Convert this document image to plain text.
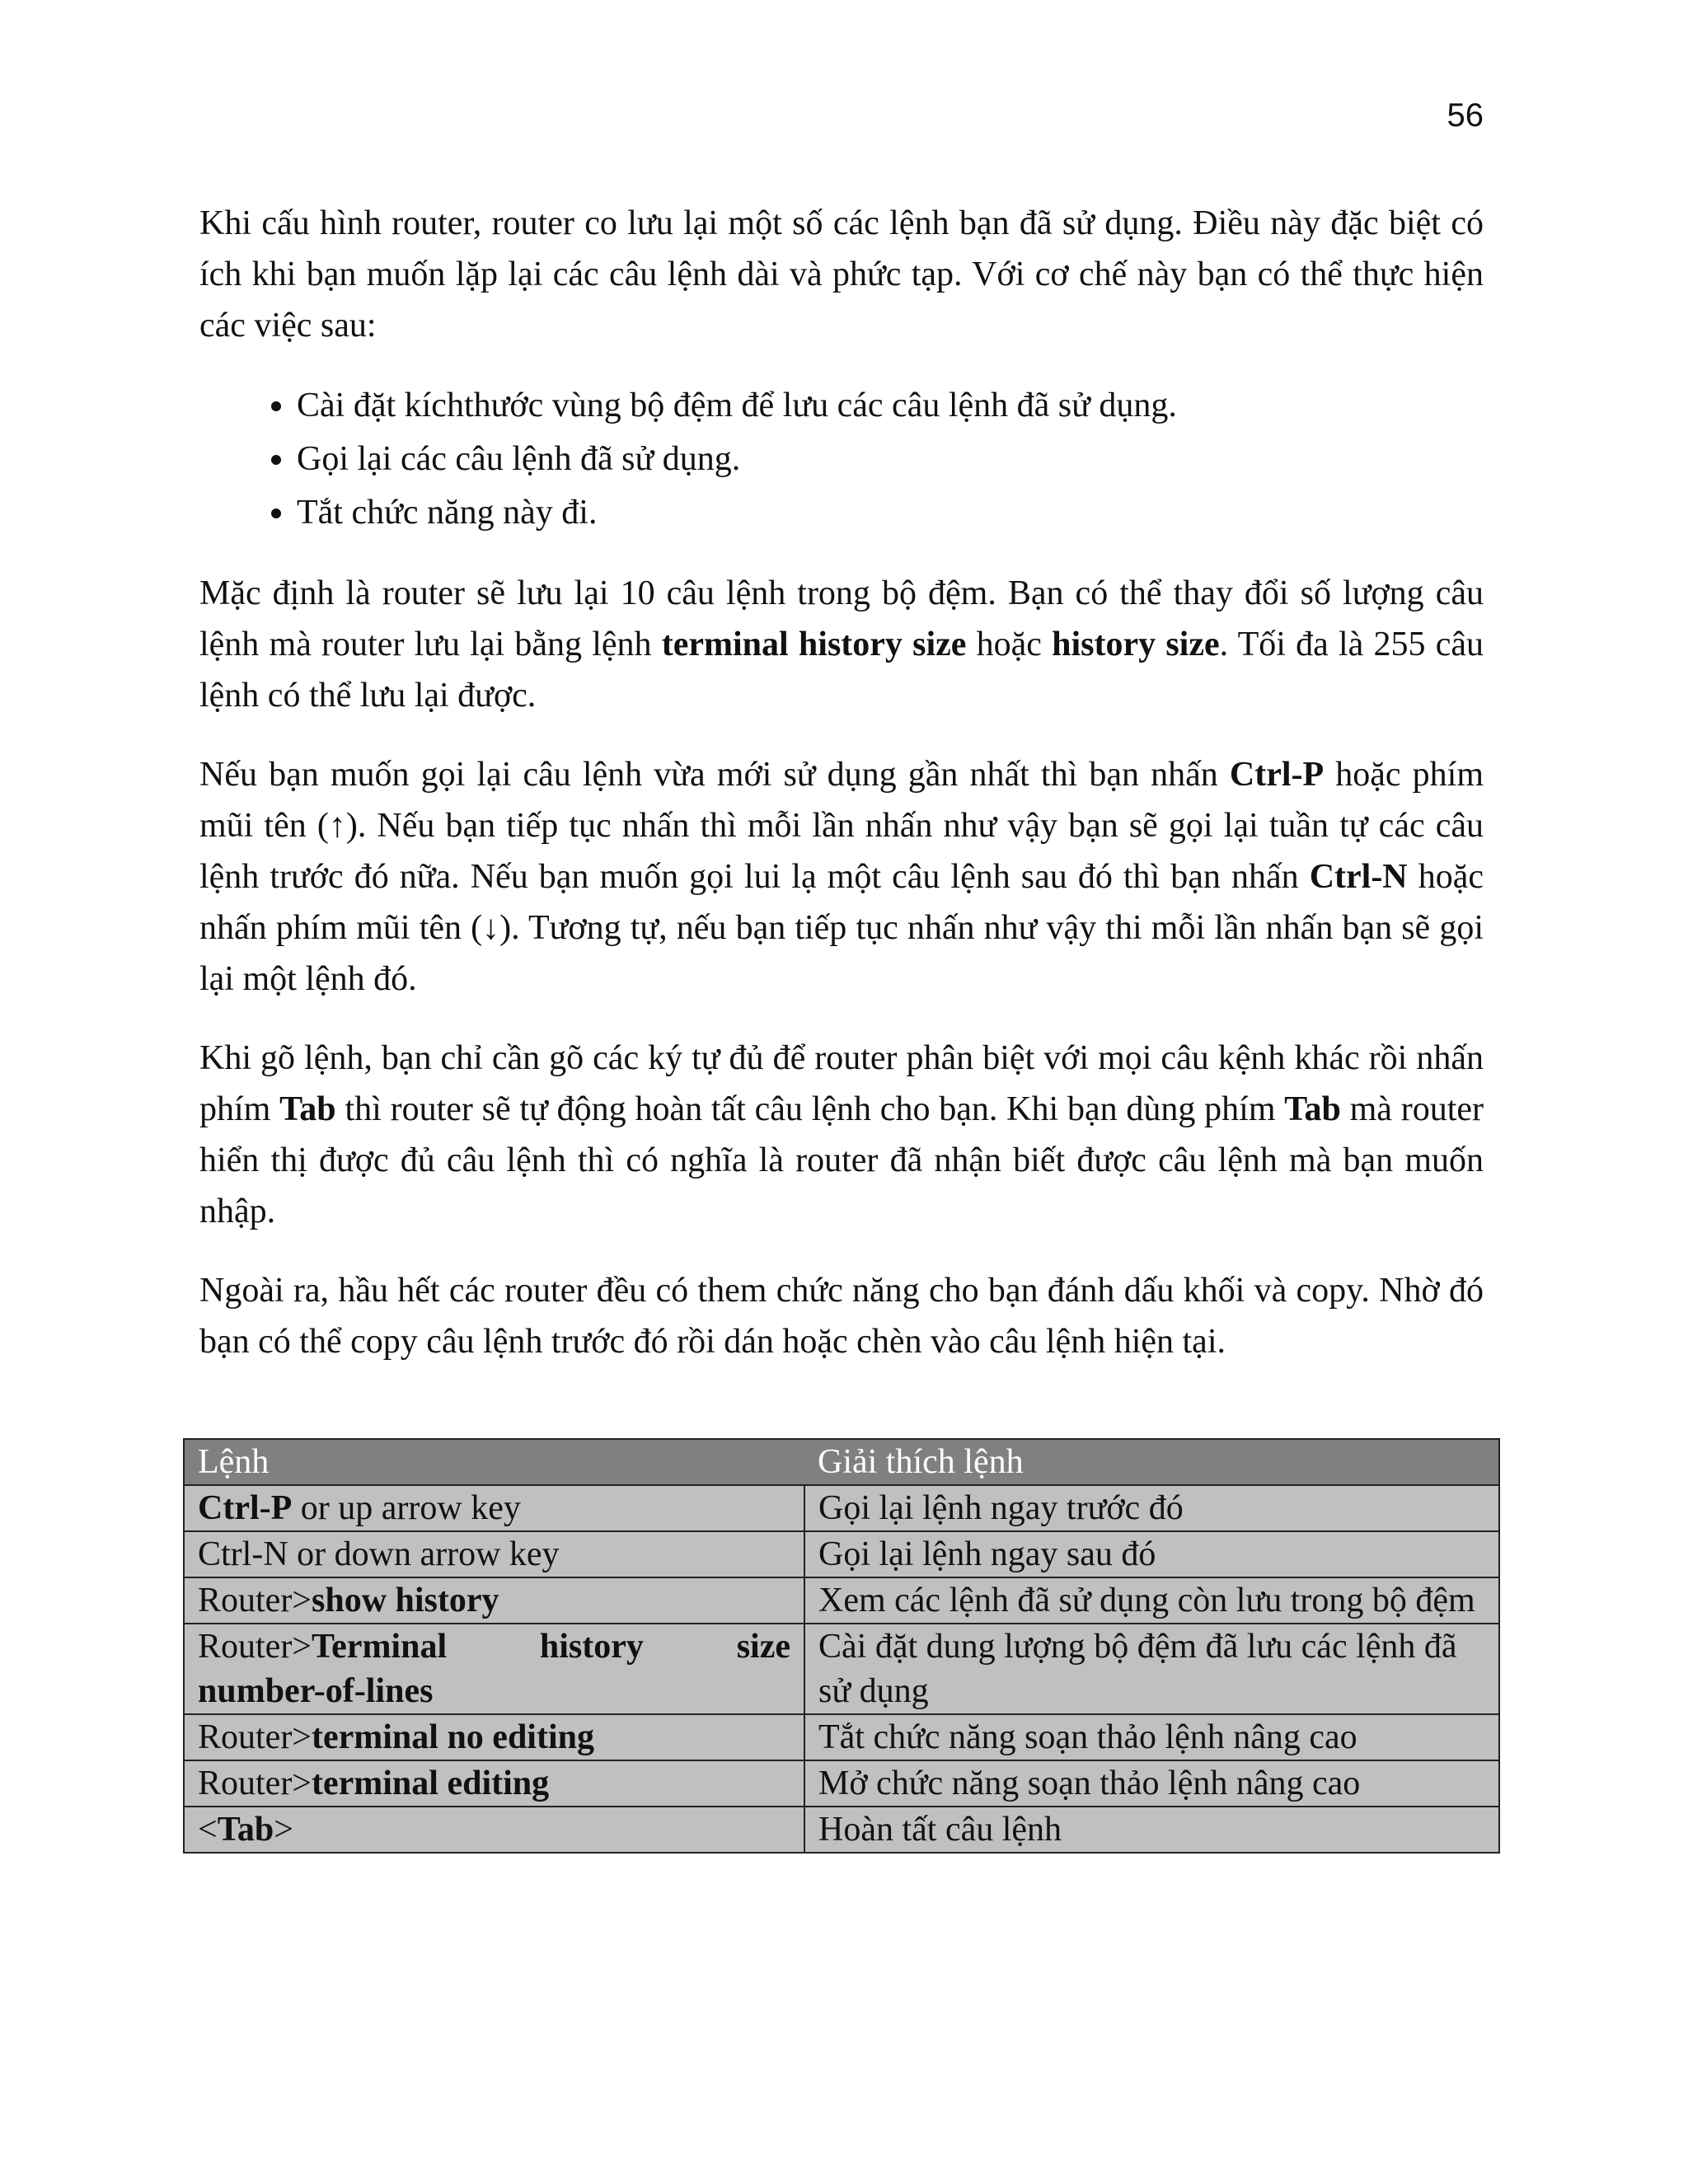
56

Khi cấu hình router, router co lưu lại một số các lệnh bạn đã sử dụng. Điều này đặc biệt có ích khi bạn muốn lặp lại các câu lệnh dài và phức tạp. Với cơ chế này bạn có thể thực hiện các việc sau:

• Cài đặt kíchthước vùng bộ đệm để lưu các câu lệnh đã sử dụng.
• Gọi lại các câu lệnh đã sử dụng.
• Tắt chức năng này đi.

Mặc định là router sẽ lưu lại 10 câu lệnh trong bộ đệm. Bạn có thể thay đổi số lượng câu lệnh mà router lưu lại bằng lệnh terminal history size hoặc history size. Tối đa là 255 câu lệnh có thể lưu lại được.

Nếu bạn muốn gọi lại câu lệnh vừa mới sử dụng gần nhất thì bạn nhấn Ctrl-P hoặc phím mũi tên (↑). Nếu bạn tiếp tục nhấn thì mỗi lần nhấn như vậy bạn sẽ gọi lại tuần tự các câu lệnh trước đó nữa. Nếu bạn muốn gọi lui lạ một câu lệnh sau đó thì bạn nhấn Ctrl-N hoặc nhấn phím mũi tên (↓). Tương tự, nếu bạn tiếp tục nhấn như vậy thi mỗi lần nhấn bạn sẽ gọi lại một lệnh đó.

Khi gõ lệnh, bạn chỉ cần gõ các ký tự đủ để router phân biệt với mọi câu kệnh khác rồi nhấn phím Tab thì router sẽ tự động hoàn tất câu lệnh cho bạn. Khi bạn dùng phím Tab mà router hiển thị được đủ câu lệnh thì có nghĩa là router đã nhận biết được câu lệnh mà bạn muốn nhập.

Ngoài ra, hầu hết các router đều có them chức năng cho bạn đánh dấu khối và copy. Nhờ đó bạn có thể copy câu lệnh trước đó rồi dán hoặc chèn vào câu lệnh hiện tại.

Lệnh	Giải thích lệnh
Ctrl-P or up arrow key	Gọi lại lệnh ngay trước đó
Ctrl-N or down arrow key	Gọi lại lệnh ngay sau đó
Router>show history	Xem các lệnh đã sử dụng còn lưu trong bộ đệm

Router>Terminal history size
number-of-lines	Cài đặt dung lượng bộ đệm đã lưu các lệnh đã sử dụng
Router>terminal no editing	Tắt chức năng soạn thảo lệnh nâng cao
Router>terminal editing	Mở chức năng soạn thảo lệnh nâng cao
<Tab>	Hoàn tất câu lệnh
